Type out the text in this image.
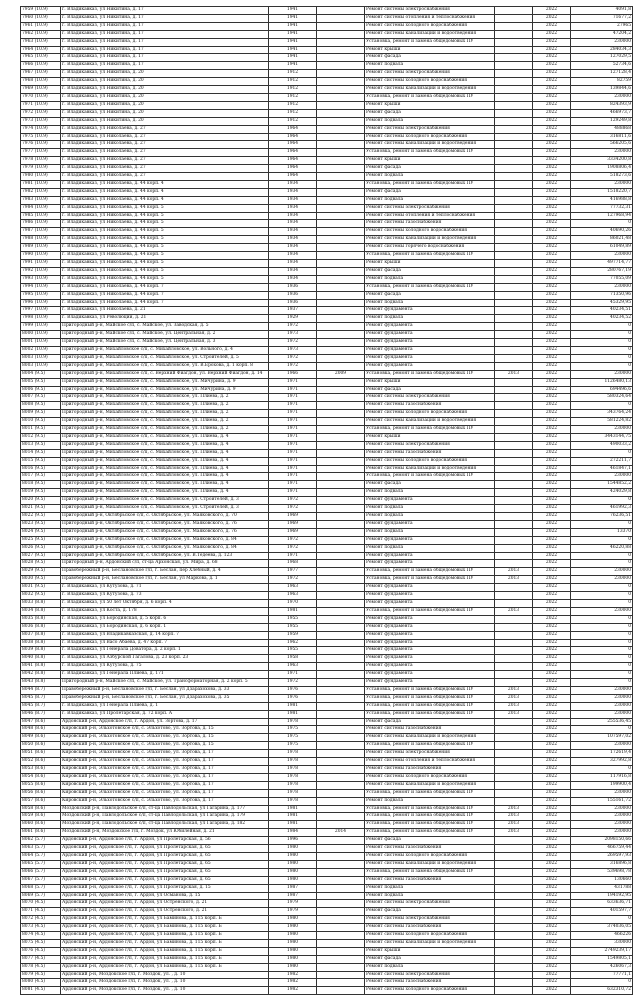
7959 (10.9)	г. Владикавказ, ул Никитина, д. 17	1941		Ремонт системы электроснабжения		2022	4091,8
7960 (10.9)	г. Владикавказ, ул Никитина, д. 17	1941		Ремонт системы отопления и теплоснабжения		2022	71677,2
7961 (10.9)	г. Владикавказ, ул Никитина, д. 17	1941		Ремонт системы холодного водоснабжения		2022	27965
7962 (10.9)	г. Владикавказ, ул Никитина, д. 17	1941		Ремонт системы канализации и водоотведения		2022	47204,2
7963 (10.9)	г. Владикавказ, ул Никитина, д. 17	1941		Установка, ремонт и замена общедомовых ПУ		2022	230000
7964 (10.9)	г. Владикавказ, ул Никитина, д. 17	1941		Ремонт крыши		2022	284034,3
7965 (10.9)	г. Владикавказ, ул Никитина, д. 17	1941		Ремонт фасада		2022	127029,5
7966 (10.9)	г. Владикавказ, ул Никитина, д. 17	1941		Ремонт подвала		2022	52734,6
7967 (10.9)	г. Владикавказ, ул Никитина, д. 20	1912		Ремонт системы электроснабжения		2022	127128,4
7968 (10.9)	г. Владикавказ, ул Никитина, д. 20	1912		Ремонт системы холодного водоснабжения		2022	82759
7969 (10.9)	г. Владикавказ, ул Никитина, д. 20	1912		Ремонт системы канализации и водоотведения		2022	139844,6
7970 (10.9)	г. Владикавказ, ул Никитина, д. 20	1912		Установка, ремонт и замена общедомовых ПУ		2022	230000
7971 (10.9)	г. Владикавказ, ул Никитина, д. 20	1912		Ремонт крыши		2022	824393,9
7972 (10.9)	г. Владикавказ, ул Никитина, д. 20	1912		Ремонт фасада		2022	466973,7
7973 (10.9)	г. Владикавказ, ул Никитина, д. 20	1912		Ремонт подвала		2022	129249,8
7974 (10.9)	г. Владикавказ, ул Николаева, д. 27	1964		Ремонт системы электроснабжения		2022	488868
7975 (10.9)	г. Владикавказ, ул Николаева, д. 27	1964		Ремонт системы холодного водоснабжения		2022	316811,6
7976 (10.9)	г. Владикавказ, ул Николаева, д. 27	1964		Ремонт системы канализации и водоотведения		2022	566205,6
7977 (10.9)	г. Владикавказ, ул Николаева, д. 27	1964		Установка, ремонт и замена общедомовых ПУ		2022	230000
7978 (10.9)	г. Владикавказ, ул Николаева, д. 27	1964		Ремонт крыши		2022	3334200,8
7979 (10.9)	г. Владикавказ, ул Николаева, д. 27	1964		Ремонт фасада		2022	1908806,4
7980 (10.9)	г. Владикавказ, ул Николаева, д. 27	1964		Ремонт подвала		2022	518273,6
7981 (10.9)	г. Владикавказ, ул Николаева, д. 44 корп. 4	1934		Установка, ремонт и замена общедомовых ПУ		2022	230000
7982 (10.9)	г. Владикавказ, ул Николаева, д. 44 корп. 4	1934		Ремонт фасада		2022	1518220,7
7983 (10.9)	г. Владикавказ, ул Николаева, д. 44 корп. 4	1934		Ремонт подвала		2022	416988,8
7984 (10.9)	г. Владикавказ, ул Николаева, д. 44 корп. 5	1934		Ремонт системы электроснабжения		2022	77732,31
7985 (10.9)	г. Владикавказ, ул Николаева, д. 44 корп. 5	1934		Ремонт системы отопления и теплоснабжения		2022	127968,94
7986 (10.9)	г. Владикавказ, ул Николаева, д. 44 корп. 5	1934		Ремонт системы газоснабжения		2022	0
7987 (10.9)	г. Владикавказ, ул Николаева, д. 44 корп. 5	1934		Ремонт системы холодного водоснабжения		2022	40690,26
7988 (10.9)	г. Владикавказ, ул Николаева, д. 44 корп. 5	1934		Ремонт системы канализации и водоотведения		2022	86021,48
7989 (10.9)	г. Владикавказ, ул Николаева, д. 44 корп. 5	1934		Ремонт системы горячего водоснабжения		2022	61049,89
7990 (10.9)	г. Владикавказ, ул Николаева, д. 44 корп. 5	1934		Установка, ремонт и замена общедомовых ПУ		2022	230000
7991 (10.9)	г. Владикавказ, ул Николаева, д. 44 корп. 5	1934		Ремонт крыши		2022	497714,77
7992 (10.9)	г. Владикавказ, ул Николаева, д. 44 корп. 5	1934		Ремонт фасада		2022	280767,19
7993 (10.9)	г. Владикавказ, ул Николаева, д. 44 корп. 5	1934		Ремонт подвала		2022	77055,09
7994 (10.9)	г. Владикавказ, ул Николаева, д. 44 корп. 7	1936		Установка, ремонт и замена общедомовых ПУ		2022	230000
7995 (10.9)	г. Владикавказ, ул Николаева, д. 44 корп. 7	1936		Ремонт фасада		2022	71350,96
7996 (10.9)	г. Владикавказ, ул Николаева, д. 44 корп. 7	1936		Ремонт подвала		2022	45329,95
7997 (10.9)	г. Владикавказ, ул Николаева, д. 21	1937		Ремонт фундамента		2022	40234,51
7998 (10.9)	г. Владикавказ, ул Революции, д. 21	1929		Ремонт подвала		2022	40234,52
7999 (10.9)	Пригородный р-н, Майское с/п, с. Майское, ул. Заводская, д. 5	1972		Ремонт фундамента		2022	0
8000 (10.9)	Пригородный р-н, Майское с/п, с. Майское, ул. Центральная, д. 2	1973		Ремонт фундамента		2022	0
8001 (10.9)	Пригородный р-н, Майское с/п, с. Майское, ул. Центральная, д. 3	1972		Ремонт фундамента		2022	0
8002 (10.9)	Пригородный р-н, Михайловское с/п, с. Михайловское, ул. Вольного, д. 4	1973		Ремонт фундамента		2022	0
8003 (10.9)	Пригородный р-н, Михайловское с/п, с. Михайловское, ул. Строителей, д. 5	1972		Ремонт фундамента		2022	0
8003 (10.9)	Пригородный р-н, Михайловское с/п, с. Михайловское, ул. В.Ерохова, д. 1 корп. 8	1972		Ремонт фундамента		2022	0
8004 (9.5)	Пригородный р-н, Михайловское с/п, с. Верхний Фиагдон, ул. Верхний Фиагдон, д. 14	1966	2009	Установка, ремонт и замена общедомовых ПУ	2013	2022	230000
8005 (9.5)	Пригородный р-н, Михайловское с/п, с. Михайловское, ул. Мичурина, д. 9	1971		Ремонт крыши		2022	1126480,13
8006 (9.5)	Пригородный р-н, Михайловское с/п, с. Михайловское, ул. Мичурина, д. 9	1971		Ремонт фасада		2022	694496,6
8007 (9.5)	Пригородный р-н, Михайловское с/п, с. Михайловское, ул. Плиева, д. 2	1971		Ремонт системы электроснабжения		2022	580324,64
8008 (9.5)	Пригородный р-н, Михайловское с/п, с. Михайловское, ул. Плиева, д. 2	1971		Ремонт системы газоснабжения		2022	0
8009 (9.5)	Пригородный р-н, Михайловское с/п, с. Михайловское, ул. Плиева, д. 2	1971		Ремонт системы холодного водоснабжения		2022	343764,24
8010 (9.5)	Пригородный р-н, Михайловское с/п, с. Михайловское, ул. Плиева, д. 2	1971		Ремонт системы канализации и водоотведения		2022	581224,82
8011 (9.5)	Пригородный р-н, Михайловское с/п, с. Михайловское, ул. Плиева, д. 2	1971		Установка, ремонт и замена общедомовых ПУ		2022	230000
8012 (9.5)	Пригородный р-н, Михайловское с/п, с. Михайловское, ул. Плиева, д. 4	1971		Ремонт крыши		2022	3443144,75
8013 (9.5)	Пригородный р-н, Михайловское с/п, с. Михайловское, ул. Плиева, д. 4	1971		Ремонт системы электроснабжения		2022	490033,2
8014 (9.5)	Пригородный р-н, Михайловское с/п, с. Михайловское, ул. Плиева, д. 4	1971		Ремонт системы газоснабжения		2022	0
8015 (9.5)	Пригородный р-н, Михайловское с/п, с. Михайловское, ул. Плиева, д. 4	1971		Ремонт системы холодного водоснабжения		2022	272211,7
8016 (9.5)	Пригородный р-н, Михайловское с/п, с. Михайловское, ул. Плиева, д. 4	1971		Ремонт системы канализации и водоотведения		2022	461847,1
8017 (9.5)	Пригородный р-н, Михайловское с/п, с. Михайловское, ул. Плиева, д. 4	1971		Установка, ремонт и замена общедомовых ПУ		2022	230000
8018 (9.5)	Пригородный р-н, Михайловское с/п, с. Михайловское, ул. Плиева, д. 4	1971		Ремонт фасада		2022	1544852,2
8019 (9.5)	Пригородный р-н, Михайловское с/п, с. Михайловское, ул. Плиева, д. 4	1971		Ремонт подвала		2022	424029,8
8020 (9.5)	Пригородный р-н, Михайловское с/п, с. Михайловское, ул. Строителей, д. 3	1972		Ремонт фундамента		2022	0
8021 (9.5)	Пригородный р-н, Михайловское с/п, с. Михайловское, ул. Строителей, д. 3	1972		Ремонт подвала		2022	461992,3
8022 (9.5)	Пригородный р-н, Октябрьское с/п, с. Октябрьское, ул. Маяковского, д. 70	1969		Ремонт подвала		2022	76236,51
8023 (9.5)	Пригородный р-н, Октябрьское с/п, с. Октябрьское, ул. Маяковского, д. 76	1969		Ремонт фундамента		2022	0
8024 (9.5)	Пригородный р-н, Октябрьское с/п, с. Октябрьское, ул. Маяковского, д. 76	1969		Ремонт подвала		2022	13370
8025 (9.5)	Пригородный р-н, Октябрьское с/п, с. Октябрьское, ул. Маяковского, д. 84	1972		Ремонт фундамента		2022	0
8026 (9.5)	Пригородный р-н, Октябрьское с/п, с. Октябрьское, ул. Маяковского, д. 84	1972		Ремонт подвала		2022	46220,88
8027 (9.5)	Пригородный р-н, Октябрьское с/п, с. Октябрьское, ул. В.Тедеева, д. 123	1971		Ремонт фундамента		2022	0
8028 (9.5)	Пригородный р-н, Ардонский с/п, ст-ца Архонская, ул. Мира, д. 68	1968		Ремонт фундамента		2022	0
8029 (9.5)	Правобережный р-н, Беслановское г/п, г. Беслан, пер Хлебный, д. 4	1977		Установка, ремонт и замена общедомовых ПУ	2013	2022	230000
8030 (9.5)	Правобережный р-н, Беслановское г/п, г. Беслан, ул Маркова, д. 1	1972		Установка, ремонт и замена общедомовых ПУ	2013	2022	230000
8031 (9.5)	г. Владикавказ, ул Кутузова, д. 71	1963		Ремонт фундамента		2022	0
8032 (9.5)	г. Владикавказ, ул Кутузова, д. 73	1963		Ремонт фундамента		2022	0
8033 (8.8)	г. Владикавказ, ул 50 лет Октября, д. 6 корп. 4	1970		Ремонт фундамента		2022	0
8034 (8.8)	г. Владикавказ, ул Коста, д. 178	1981		Установка, ремонт и замена общедомовых ПУ	2013	2022	230000
8035 (8.8)	г. Владикавказ, ул Бородинская, д. 5 корп. 6	1955		Ремонт фундамента		2022	0
8036 (8.8)	г. Владикавказ, ул Бородинская, д. 6 корп. 1	1955		Ремонт фундамента		2022	0
8037 (8.8)	г. Владикавказ, ул Владикавказская, д. 14 корп. 7	1959		Ремонт фундамента		2022	0
8038 (8.8)	г. Владикавказ, ул Васо Абаева, д. 47 корп. 7	1962		Ремонт фундамента		2022	0
8039 (8.8)	г. Владикавказ, ул Генерала Доватора, д. 2 корп. 1	1955		Ремонт фундамента		2022	0
8040 (8.8)	г. Владикавказ, ул Азбурской Гагалова, д. 23 корп. 23	1958		Ремонт фундамента		2022	0
8041 (8.8)	г. Владикавказ, ул Кутузова, д. 75	1963		Ремонт фундамента		2022	0
8042 (8.8)	г. Владикавказ, ул Генерала Плиева, д. 171	1971		Ремонт фундамента		2022	0
8043 (8.8)	Пригородный р-н, Майское с/п, с. Майское, ул. Трансформаторная, д. 2 корп. 5	1972		Ремонт фундамента		2022	0
8044 (8.7)	Правобережный р-н, Беслановское г/п, г. Беслан, ул Дзарахохова, д. 33	1976		Установка, ремонт и замена общедомовых ПУ	2013	2022	230000
8045 (8.7)	Правобережный р-н, Беслановское г/п, г. Беслан, ул Дзарахохова, д. 35	1976		Установка, ремонт и замена общедомовых ПУ	2013	2022	230000
8045 (8.7)	г. Владикавказ, ул Генерала Плиева, д. 1	1981		Установка, ремонт и замена общедомовых ПУ	2013	2022	230000
8046 (8.7)	г. Владикавказ, ул Пролетарская, д. 72 корп. А	1981		Установка, ремонт и замена общедомовых ПУ	2013	2022	230000
8047 (8.6)	Ардонский р-н, Ардонское г/п, г. Ардон, ул. Зортова, д. 17	1978		Ремонт фасада		2022	255536,45
8048 (8.6)	Кировский р-н, Эльхотовское с/п, с. Эльхотово, ул. Зортова, д. 15	1975		Ремонт системы газоснабжения		2022	0
8049 (8.6)	Кировский р-н, Эльхотовское с/п, с. Эльхотово, ул. Зортова, д. 15	1975		Ремонт системы канализации и водоотведения		2022	107597,02
8050 (8.6)	Кировский р-н, Эльхотовское с/п, с. Эльхотово, ул. Зортова, д. 15	1975		Установка, ремонт и замена общедомовых ПУ		2022	230000
8051 (8.6)	Кировский р-н, Эльхотовское с/п, с. Эльхотово, ул. Зортова, д. 17	1978		Ремонт системы электроснабжения		2022	172619,4
8052 (8.6)	Кировский р-н, Эльхотовское с/п, с. Эльхотово, ул. Зортова, д. 17	1978		Ремонт системы отопления и теплоснабжения		2022	327992,8
8053 (8.6)	Кировский р-н, Эльхотовское с/п, с. Эльхотово, ул. Зортова, д. 17	1978		Ремонт системы газоснабжения		2022	0
8054 (8.6)	Кировский р-н, Эльхотовское с/п, с. Эльхотово, ул. Зортова, д. 17	1978		Ремонт системы холодного водоснабжения		2022	117916,8
8055 (8.6)	Кировский р-н, Эльхотовское с/п, с. Эльхотово, ул. Зортова, д. 17	1978		Ремонт системы канализации и водоотведения		2022	199900,4
8056 (8.6)	Кировский р-н, Эльхотовское с/п, с. Эльхотово, ул. Зортова, д. 17	1978		Установка, ремонт и замена общедомовых ПУ		2022	230000
8057 (8.6)	Кировский р-н, Эльхотовское с/п, с. Эльхотово, ул. Зортова, д. 17	1978		Ремонт подвала		2022	155161,72
8058 (8.6)	Моздокский р-н, Павлодольское с/п, ст-ца Павлодольская, ул Гагарина, д. 177	1981		Установка, ремонт и замена общедомовых ПУ	2013	2022	230000
8059 (8.6)	Моздокский р-н, Павлодольское с/п, ст-ца Павлодольская, ул Гагарина, д. 179	1981		Установка, ремонт и замена общедомовых ПУ	2013	2022	230000
8060 (8.6)	Моздокский р-н, Павлодольское с/п, ст-ца Павлодольская, ул Гагарина, д. 182	1981		Установка, ремонт и замена общедомовых ПУ	2013	2022	230000
8061 (8.6)	Моздокский р-н, Моздокское г/п, г. Моздок, ул Юбилейная, д. 21	1984	2014	Установка, ремонт и замена общедомовых ПУ	2013	2022	230000
8062 (5.7)	Ардонский р-н, Ардонское г/п, г. Ардон, ул Пролетарская, д. 56	1996		Ремонт фасада		2022	2098150,66
8063 (5.7)	Ардонский р-н, Ардонское г/п, г. Ардон, ул Пролетарская, д. 65	1980		Ремонт системы газоснабжения		2022	466759,44
8064 (5.7)	Ардонский р-н, Ардонское г/п, г. Ардон, ул Пролетарская, д. 65	1980		Ремонт системы холодного водоснабжения		2022	269597,93
8065 (5.7)	Ардонский р-н, Ардонское г/п, г. Ардон, ул Пролетарская, д. 65	1980		Ремонт системы канализации и водоотведения		2022	316896,8
8066 (5.7)	Ардонский р-н, Ардонское г/п, г. Ардон, ул Пролетарская, д. 65	1980		Установка, ремонт и замена общедомовых ПУ		2022	539698,78
8067 (5.7)	Ардонский р-н, Ардонское г/п, г. Ардон, ул Пролетарская, д. 65	1980		Ремонт системы газоснабжения		2022	130660
8068 (5.7)	Ардонский р-н, Ардонское г/п, г. Ардон, ул Пролетарская, д. 15	1987		Ремонт подвала		2022	431788
8069 (5.7)	Ардонский р-н, Ардонское г/п, г. Ардон, ул Османова, д. 15	1987		Ремонт подвала		2022	194192,95
8070 (4.5)	Ардонский р-н, Ардонское г/п, г. Ардон, ул Остренского, д. 21	1979		Ремонт системы электроснабжения		2022	633636,71
8071 (4.5)	Ардонский р-н, Ардонское г/п, г. Ардон, ул Остренского, д. 21	1979		Ремонт фасада		2022	401597,7
8072 (4.5)	Ардонский р-н, Ардонское г/п, г. Ардон, ул Баминова, д. 115 корп. Б	1980		Ремонт системы электроснабжения		2022	0
8073 (4.5)	Ардонский р-н, Ардонское г/п, г. Ардон, ул Баминова, д. 115 корп. Б	1980		Ремонт системы газоснабжения		2022	374036,05
8074 (4.5)	Ардонский р-н, Ардонское г/п, г. Ардон, ул Баминова, д. 115 корп. Б	1980		Ремонт системы холодного водоснабжения		2022	466226
8075 (4.5)	Ардонский р-н, Ардонское г/п, г. Ардон, ул Баминова, д. 115 корп. Б	1980		Ремонт системы канализации и водоотведения		2022	330000
8076 (4.5)	Ардонский р-н, Ардонское г/п, г. Ардон, ул Баминова, д. 115 корп. Б	1980		Ремонт крыши		2022	2749239,17
8077 (4.5)	Ардонский р-н, Ардонское г/п, г. Ардон, ул Баминова, д. 115 корп. Б	1980		Ремонт фасада		2022	1549805,1
8078 (4.5)	Ардонский р-н, Ардонское г/п, г. Ардон, ул Баминова, д. 115 корп. Б	1980		Ремонт подвала		2022	426067,3
8079 (4.5)	Ардонский р-н, Моздокское г/п, г. Моздок, ул. , д. 10	1982		Ремонт системы электроснабжения		2022	77771,1
8080 (4.5)	Ардонский р-н, Моздокское г/п, г. Моздок, ул. , д. 10	1982		Ремонт системы газоснабжения		2022	0
8081 (4.5)	Ардонский р-н, Моздокское г/п, г. Моздок, ул. , д. 10	1982		Ремонт системы холодного водоснабжения		2022	632310,72
